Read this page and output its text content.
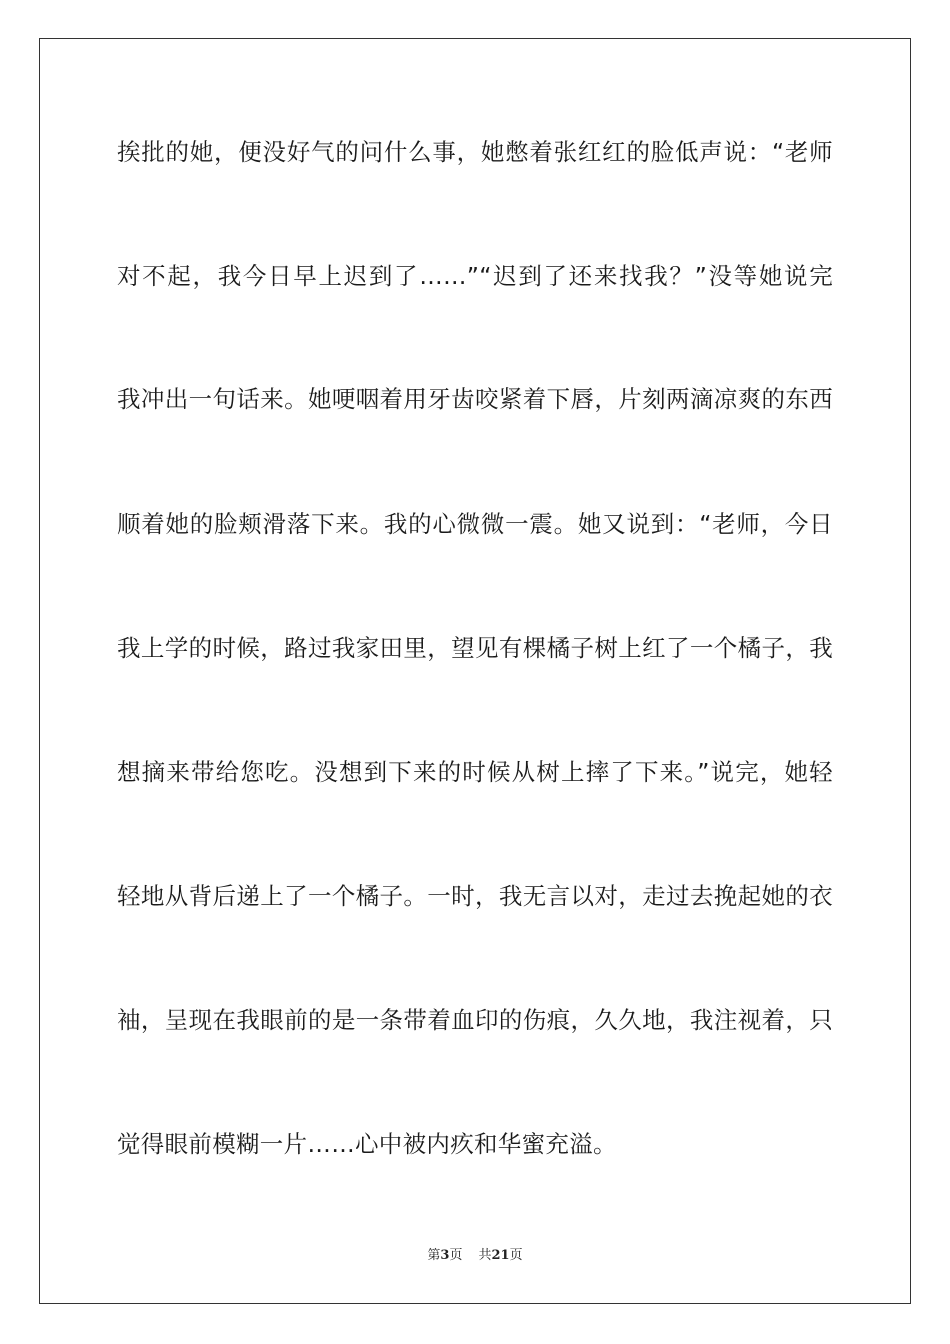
挨批的她，便没好气的问什么事，她憋着张红红的脸低声说：“老师
对不起，我今日早上迟到了……”“迟到了还来找我？”没等她说完
我冲出一句话来。她哽咽着用牙齿咬紧着下唇，片刻两滴凉爽的东西
顺着她的脸颊滑落下来。我的心微微一震。她又说到：“老师，今日
我上学的时候，路过我家田里，望见有棵橘子树上红了一个橘子，我
想摘来带给您吃。没想到下来的时候从树上摔了下来。”说完，她轻
轻地从背后递上了一个橘子。一时，我无言以对，走过去挽起她的衣
袖，呈现在我眼前的是一条带着血印的伤痕，久久地，我注视着，只
觉得眼前模糊一片……心中被内疚和华蜜充溢。
第3页 共21页
